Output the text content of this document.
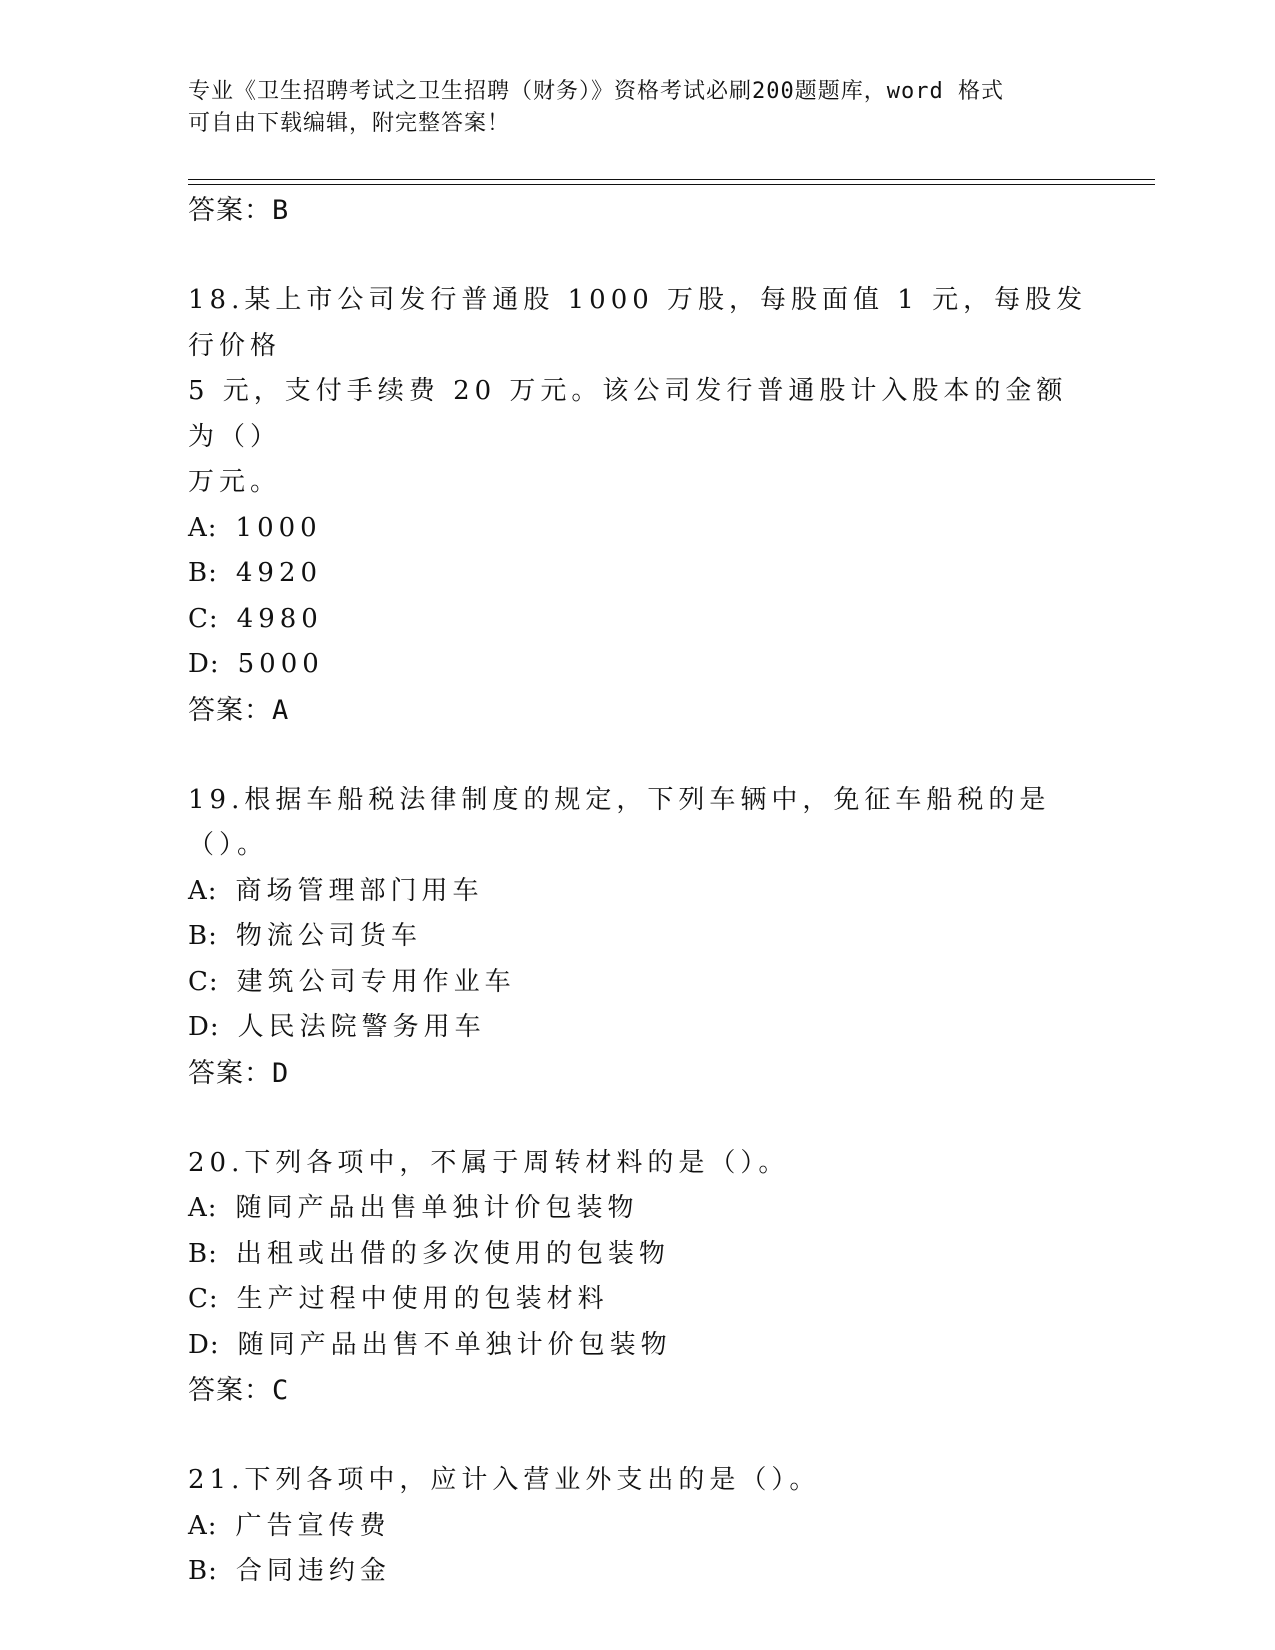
专业《卫生招聘考试之卫生招聘（财务）》资格考试必刷200题题库，word 格式
可自由下载编辑，附完整答案！
答案：B
18.某上市公司发行普通股 1000 万股，每股面值 1 元，每股发行价格
5 元，支付手续费 20 万元。该公司发行普通股计入股本的金额为（）
万元。
A: 1000
B: 4920
C: 4980
D: 5000
答案：A
19.根据车船税法律制度的规定，下列车辆中，免征车船税的是（）。
A: 商场管理部门用车
B: 物流公司货车
C: 建筑公司专用作业车
D: 人民法院警务用车
答案：D
20.下列各项中，不属于周转材料的是（）。
A: 随同产品出售单独计价包装物
B: 出租或出借的多次使用的包装物
C: 生产过程中使用的包装材料
D: 随同产品出售不单独计价包装物
答案：C
21.下列各项中，应计入营业外支出的是（）。
A: 广告宣传费
B: 合同违约金
